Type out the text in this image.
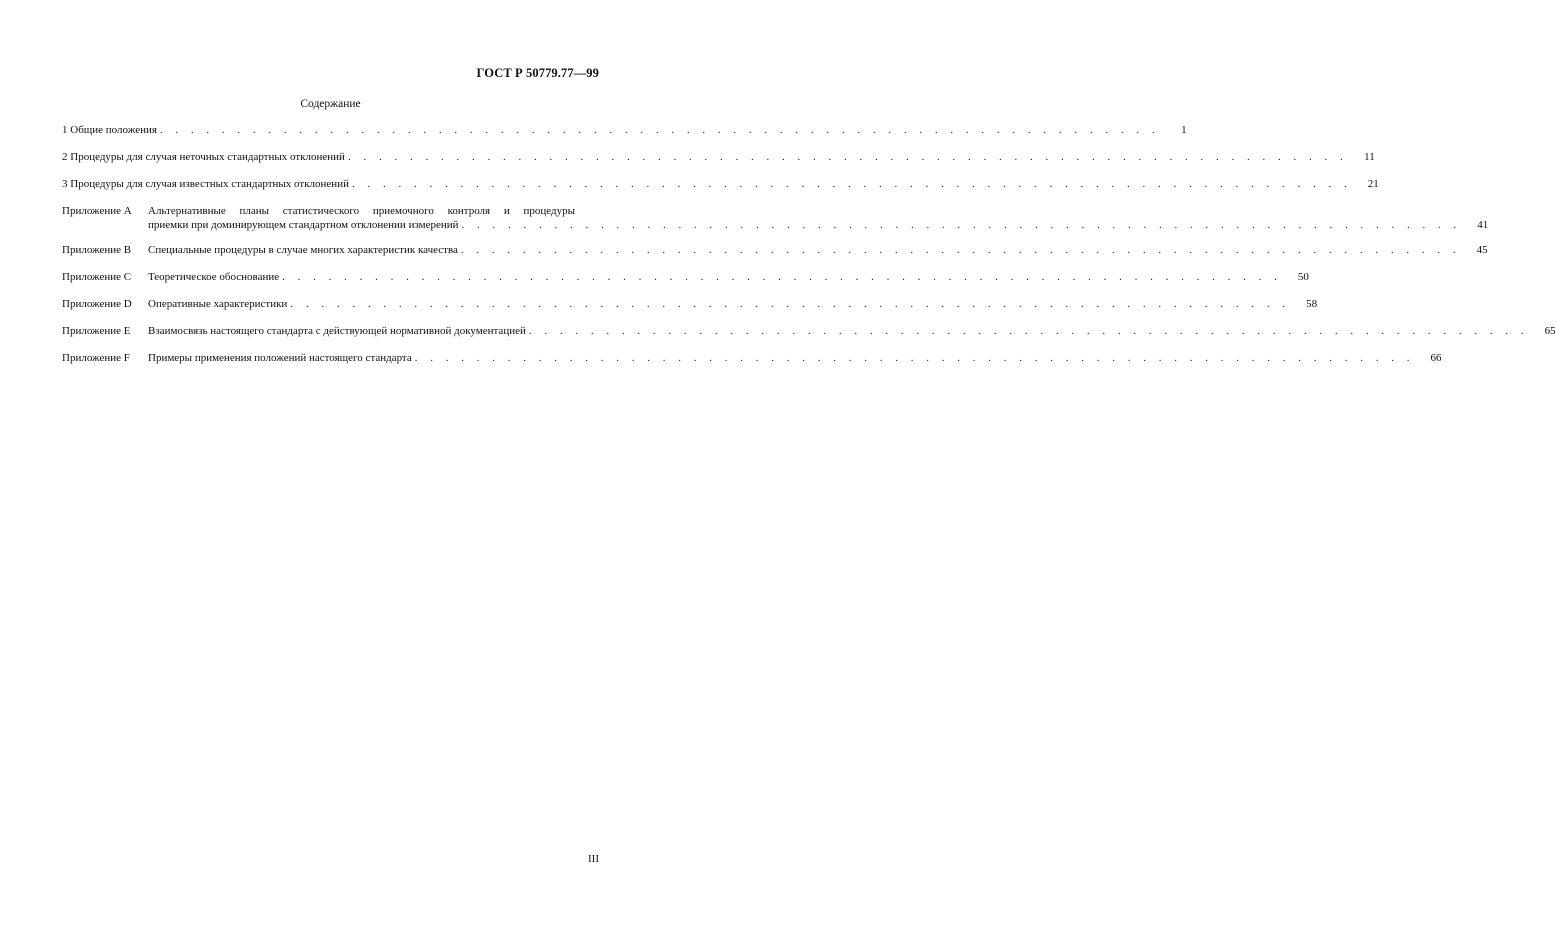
ГОСТ Р 50779.77—99
Содержание
1 Общие положения . . . . . . . . . . . . . . . . . . . . . . . . . . . . . . . . . . . . . . . . . . . . . . . . . . . . . . . . . . . . . . . . .	1
2 Процедуры для случая неточных стандартных отклонений . . . . . . . . . . . . . . . . . . . . . . . . . . . . . . . . . . . . . . . . . . . . . . . . . . . . . . . . . . . . . . . . .	11
3 Процедуры для случая известных стандартных отклонений . . . . . . . . . . . . . . . . . . . . . . . . . . . . . . . . . . . . . . . . . . . . . . . . . . . . . . . . . . . . . . . . .	21
Приложение А	Альтернативные планы статистического приемочного контроля и процедуры
приемки при доминирующем стандартном отклонении измерений . . . . . . . . . . . . . . . . . . . . . . . . . . . . . . . . . . . . . . . . . . . . . . . . . . . . . . . . . . . . . . . . .	41
Приложение В	Специальные процедуры в случае многих характеристик качества . . . . . . . . . . . . . . . . . . . . . . . . . . . . . . . . . . . . . . . . . . . . . . . . . . . . . . . . . . . . . . . . .	45
Приложение С	Теоретическое обоснование . . . . . . . . . . . . . . . . . . . . . . . . . . . . . . . . . . . . . . . . . . . . . . . . . . . . . . . . . . . . . . . . .	50
Приложение D	Оперативные характеристики . . . . . . . . . . . . . . . . . . . . . . . . . . . . . . . . . . . . . . . . . . . . . . . . . . . . . . . . . . . . . . . . .	58
Приложение Е	Взаимосвязь настоящего стандарта с действующей нормативной документацией . . . . . . . . . . . . . . . . . . . . . . . . . . . . . . . . . . . . . . . . . . . . . . . . . . . . . . . . . . . . . . . . .	65
Приложение F	Примеры применения положений настоящего стандарта . . . . . . . . . . . . . . . . . . . . . . . . . . . . . . . . . . . . . . . . . . . . . . . . . . . . . . . . . . . . . . . . .	66
III
